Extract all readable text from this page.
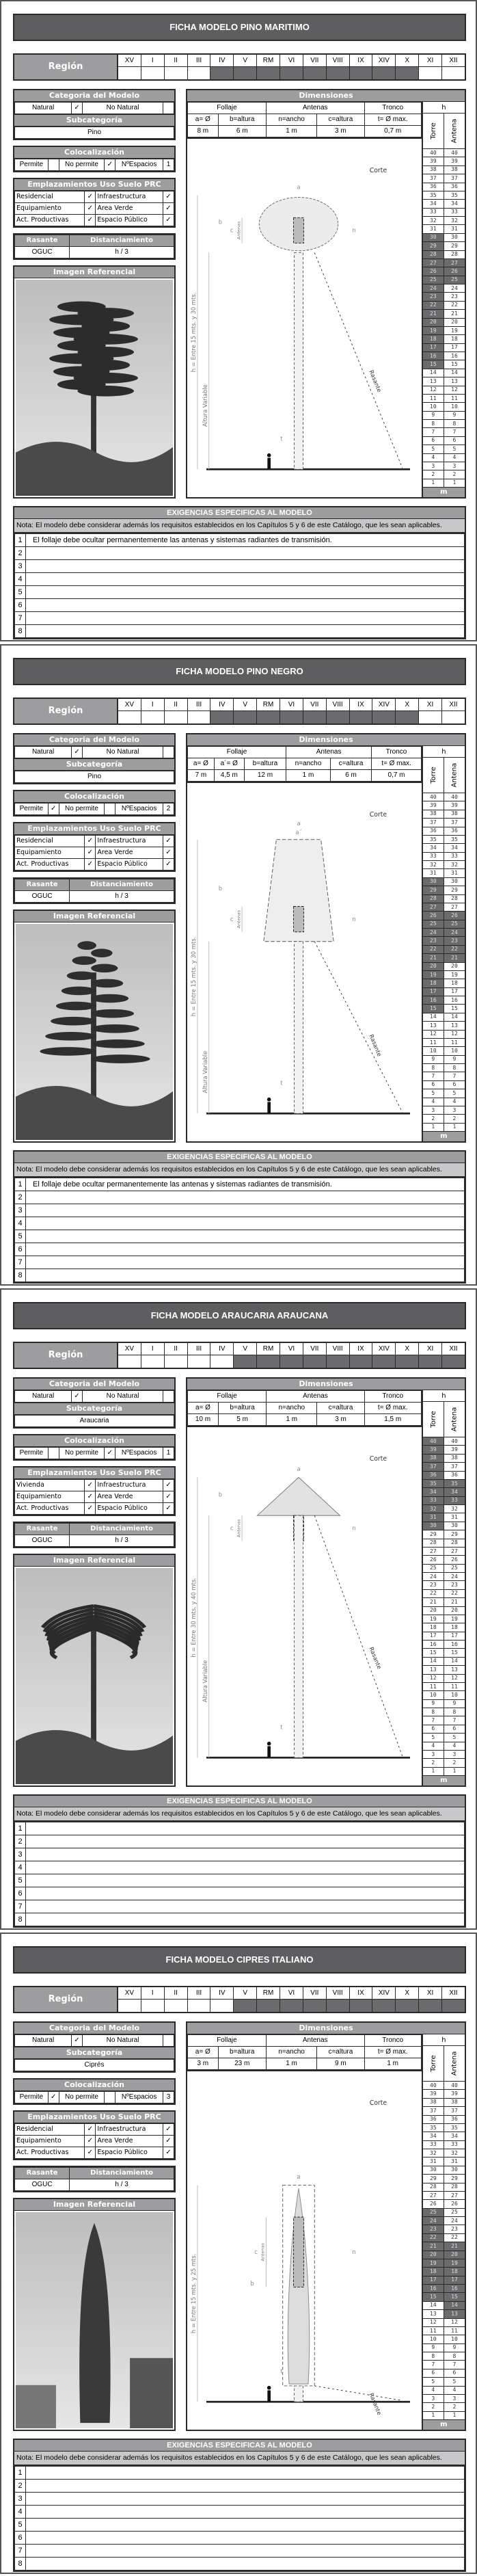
FICHA MODELO PINO MARITIMO
Región
XV	I	II	III	IV	V	RM	VI	VII	VIII	IX	XIV	X	XI	XII
Categoria del Modelo
Natural	✓	No Natural	
Subcategoría
Pino
Colocalización
Permite		No permite	✓	NºEspacios	1
Emplazamientos Uso Suelo PRC
Residencial	✓	Infraestructura	✓
Equipamiento	✓	Area Verde	✓
Act. Productivas	✓	Espacio Público	✓
Rasante	Distanciamiento
OGUC	h / 3
Imagen Referencial
Dimensiones
Follaje		Antenas		Tronco
a= Ø	b=altura	n=ancho	c=altura	t= Ø max.
8 m	6 m	1 m	3 m	0,7 m
Corte
Rasante
h = Entre 15 mts. y 30 mts.
Altura Variable
Antenas
a
b
c	n
t
h
Torre Antena
40	40
39	39
38	38
37	37
36	36
35	35
34	34
33	33
32	32
31	31
30	30
29	29
28	28
27	27
26	26
25	25
24	24
23	23
22	22
21	21
20	20
19	19
18	18
17	17
16	16
15	15
14	14
13	13
12	12
11	11
10	10
9	9
8	8
7	7
6	6
5	5
4	4
3	3
2	2
1	1
m
EXIGENCIAS ESPECIFICAS AL MODELO
Nota: El modelo debe considerar además los requisitos establecidos en los Capítulos 5 y 6 de este Catálogo, que les sean aplicables.
1	El follaje debe ocultar permanentemente las antenas y sistemas radiantes de transmisión.
2	
3	
4	
5	
6	
7	
8	
FICHA MODELO PINO NEGRO
Región
XV	I	II	III	IV	V	RM	VI	VII	VIII	IX	XIV	X	XI	XII
Categoria del Modelo
Natural	✓	No Natural	
Subcategoría
Pino
Colocalización
Permite	✓	No permite		NºEspacios	2
Emplazamientos Uso Suelo PRC
Residencial	✓	Infraestructura	✓
Equipamiento	✓	Area Verde	✓
Act. Productivas	✓	Espacio Público	✓
Rasante	Distanciamiento
OGUC	h / 3
Imagen Referencial
Dimensiones
Follaje			Antenas		Tronco
a= Ø	a´= Ø	b=altura	n=ancho	c=altura	t= Ø max.
7 m	4,5 m	12 m	1 m	6 m	0,7 m
Corte
Rasante
h = Entre 15 mts. y 30 mts.
Altura Variable
Antenas
a
b
c	n
t
a´
h
Torre Antena
40	40
39	39
38	38
37	37
36	36
35	35
34	34
33	33
32	32
31	31
30	30
29	29
28	28
27	27
26	26
25	25
24	24
23	23
22	22
21	21
20	20
19	19
18	18
17	17
16	16
15	15
14	14
13	13
12	12
11	11
10	10
9	9
8	8
7	7
6	6
5	5
4	4
3	3
2	2
1	1
m
EXIGENCIAS ESPECIFICAS AL MODELO
Nota: El modelo debe considerar además los requisitos establecidos en los Capítulos 5 y 6 de este Catálogo, que les sean aplicables.
1	El follaje debe ocultar permanentemente las antenas y sistemas radiantes de transmisión.
2	
3	
4	
5	
6	
7	
8	
FICHA MODELO ARAUCARIA ARAUCANA
Región
XV	I	II	III	IV	V	RM	VI	VII	VIII	IX	XIV	X	XI	XII
Categoria del Modelo
Natural	✓	No Natural	
Subcategoría
Araucaria
Colocalización
Permite		No permite	✓	NºEspacios	1
Emplazamientos Uso Suelo PRC
Vivienda	✓	Infraestructura	✓
Equipamiento	✓	Area Verde	✓
Act. Productivas	✓	Espacio Público	✓
Rasante	Distanciamiento
OGUC	h / 3
Imagen Referencial
Dimensiones
Follaje		Antenas		Tronco
a= Ø	b=altura	n=ancho	c=altura	t= Ø max.
10 m	5 m	1 m	3 m	1,5 m
Corte
Rasante
h = Entre 30 mts. y 40 mts.
Altura Variable
Antenas
a
b
c	n
t
h
Torre Antena
40	40
39	39
38	38
37	37
36	36
35	35
34	34
33	33
32	32
31	31
30	30
29	29
28	28
27	27
26	26
25	25
24	24
23	23
22	22
21	21
20	20
19	19
18	18
17	17
16	16
15	15
14	14
13	13
12	12
11	11
10	10
9	9
8	8
7	7
6	6
5	5
4	4
3	3
2	2
1	1
m
EXIGENCIAS ESPECIFICAS AL MODELO
Nota: El modelo debe considerar además los requisitos establecidos en los Capítulos 5 y 6 de este Catálogo, que les sean aplicables.
1	
2	
3	
4	
5	
6	
7	
8	
FICHA MODELO CIPRES ITALIANO
Región
XV	I	II	III	IV	V	RM	VI	VII	VIII	IX	XIV	X	XI	XII
Categoria del Modelo
Natural	✓	No Natural	
Subcategoría
Ciprés
Colocalización
Permite	✓	No permite		NºEspacios	3
Emplazamientos Uso Suelo PRC
Residencial	✓	Infraestructura	✓
Equipamiento	✓	Area Verde	✓
Act. Productivas	✓	Espacio Público	✓
Rasante	Distanciamiento
OGUC	h / 3
Imagen Referencial
Dimensiones
Follaje		Antenas		Tronco
a= Ø	b=altura	n=ancho	c=altura	t= Ø max.
3 m	23 m	1 m	9 m	1 m
Corte
Rasante
h = Entre 15 mts. y 25 mts.
Antenas
a
b
c	n
t
h
Torre Antena
40	40
39	39
38	38
37	37
36	36
35	35
34	34
33	33
32	32
31	31
30	30
29	29
28	28
27	27
26	26
25	25
24	24
23	23
22	22
21	21
20	20
19	19
18	18
17	17
16	16
15	15
14	14
13	13
12	12
11	11
10	10
9	9
8	8
7	7
6	6
5	5
4	4
3	3
2	2
1	1
m
EXIGENCIAS ESPECIFICAS AL MODELO
Nota: El modelo debe considerar además los requisitos establecidos en los Capítulos 5 y 6 de este Catálogo, que les sean aplicables.
1	
2	
3	
4	
5	
6	
7	
8	
